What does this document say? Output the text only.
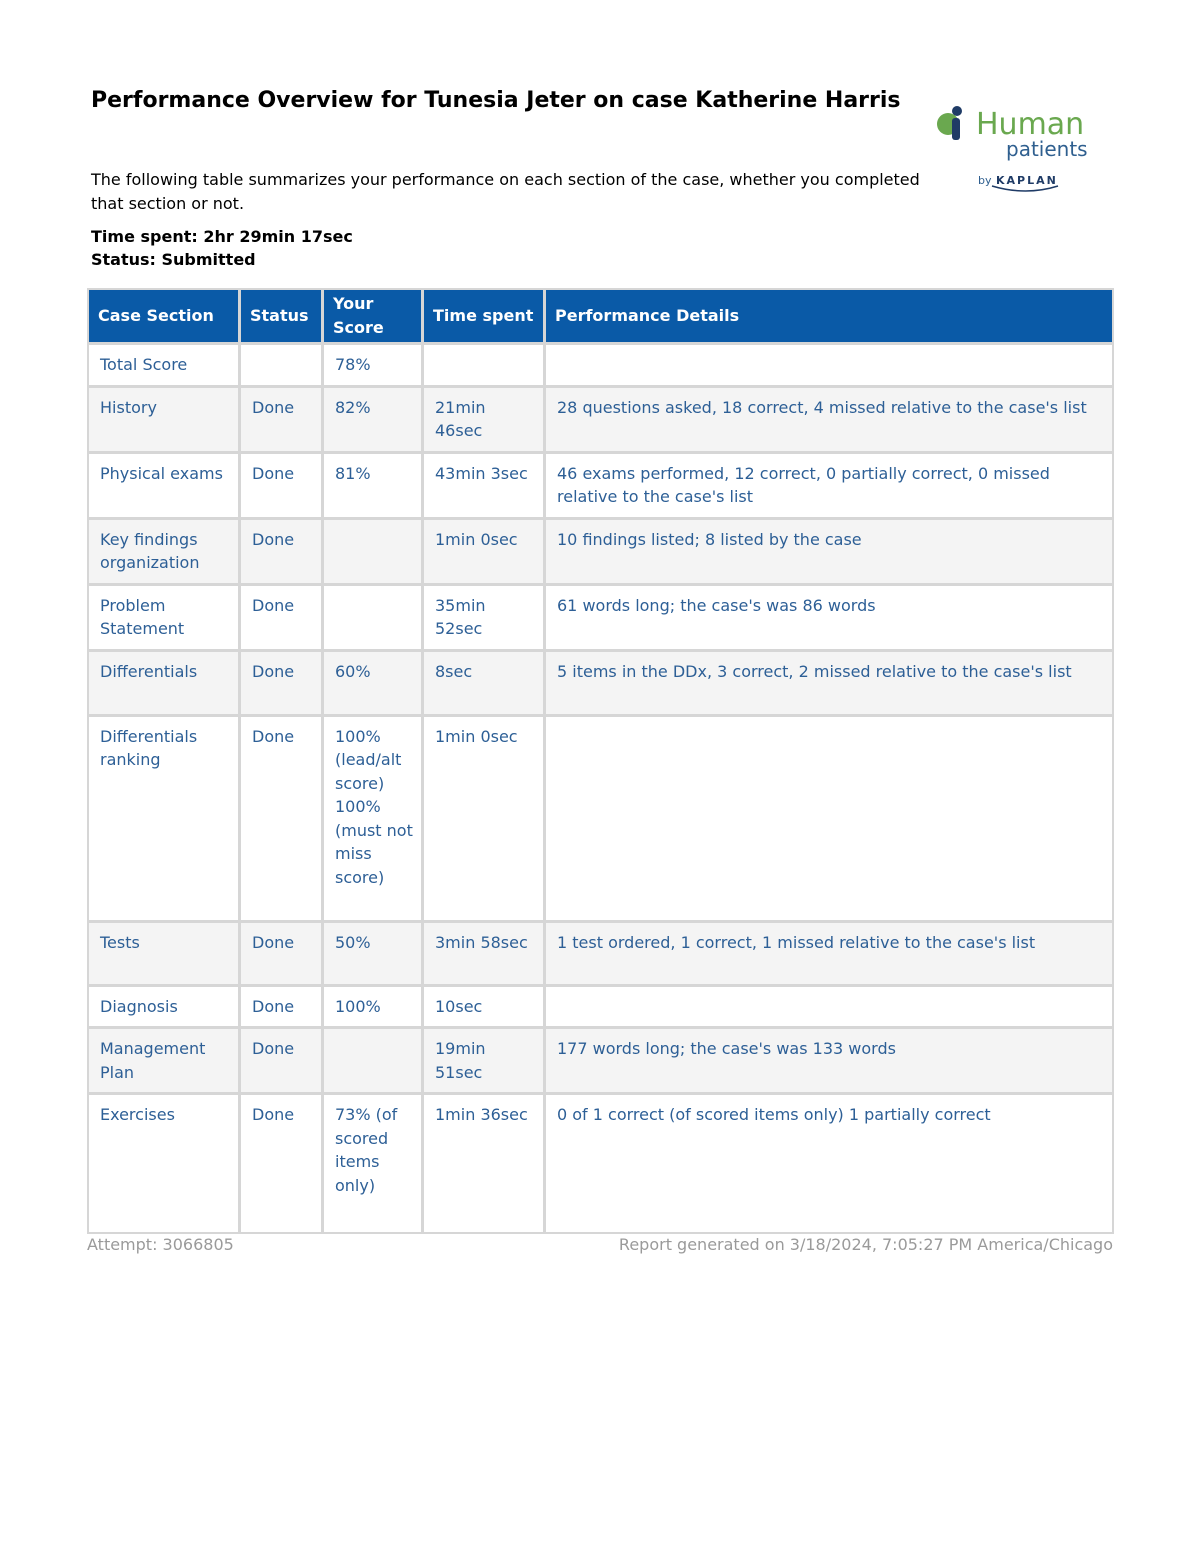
Performance Overview for Tunesia Jeter on case Katherine Harris
Human
patients
by KAPLAN

The following table summarizes your performance on each section of the case, whether you completed that section or not.

Time spent: 2hr 29min 17sec
Status: Submitted
Case Section	Status	Your Score	Time spent	Performance Details
Total Score		78%		
History	Done	82%	21min 46sec	28 questions asked, 18 correct, 4 missed relative to the case's list
Physical exams	Done	81%	43min 3sec	46 exams performed, 12 correct, 0 partially correct, 0 missed relative to the case's list
Key findings organization	Done		1min 0sec	10 findings listed; 8 listed by the case
Problem Statement	Done		35min 52sec	61 words long; the case's was 86 words
Differentials	Done	60%	8sec	5 items in the DDx, 3 correct, 2 missed relative to the case's list
Differentials ranking	Done	100% (lead/alt score) 100% (must not miss score)	1min 0sec	
Tests	Done	50%	3min 58sec	1 test ordered, 1 correct, 1 missed relative to the case's list
Diagnosis	Done	100%	10sec	
Management Plan	Done		19min 51sec	177 words long; the case's was 133 words
Exercises	Done	73% (of scored items only)	1min 36sec	0 of 1 correct (of scored items only) 1 partially correct
Attempt: 3066805	Report generated on 3/18/2024, 7:05:27 PM America/Chicago
